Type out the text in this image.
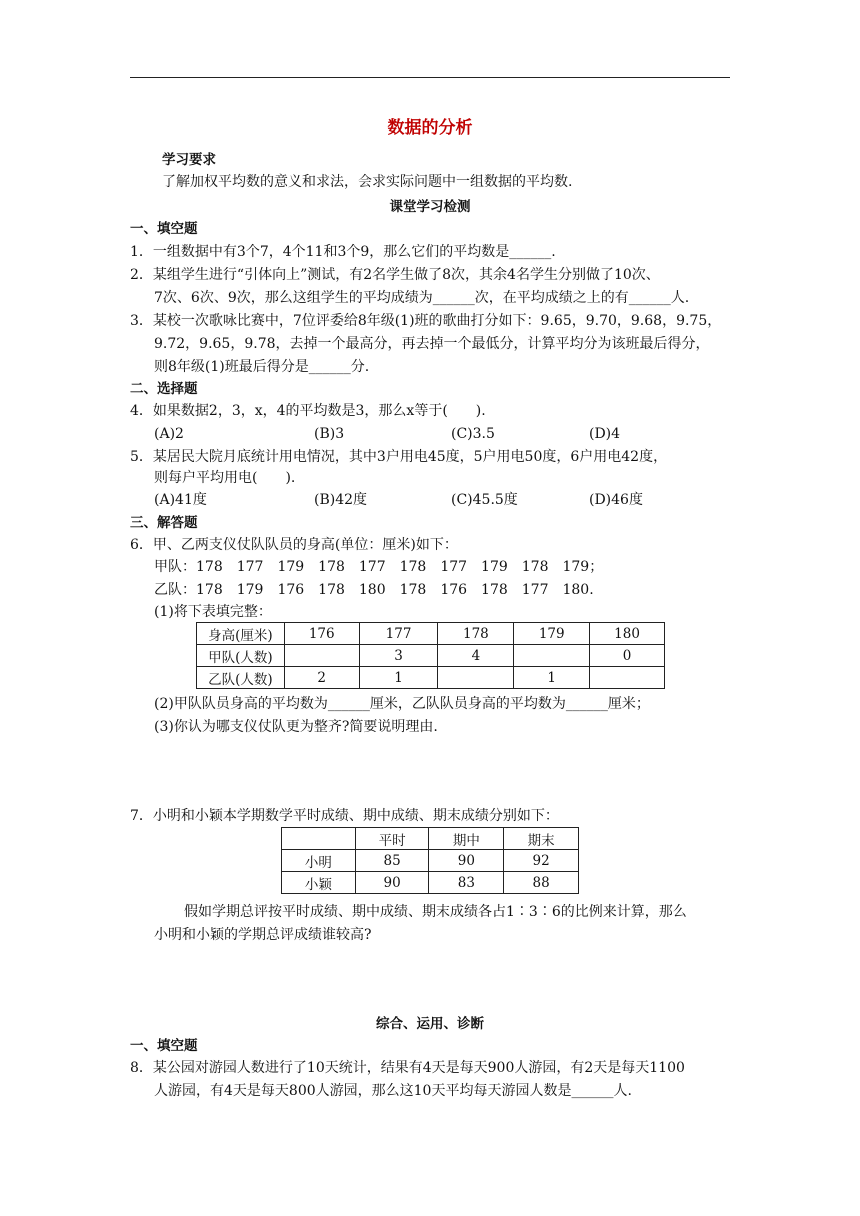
数据的分析
学习要求
了解加权平均数的意义和求法，会求实际问题中一组数据的平均数.
课堂学习检测
一、填空题
1．一组数据中有3个7，4个11和3个9，那么它们的平均数是______.
2．某组学生进行“引体向上”测试，有2名学生做了8次，其余4名学生分别做了10次、
7次、6次、9次，那么这组学生的平均成绩为______次，在平均成绩之上的有______人.
3．某校一次歌咏比赛中，7位评委给8年级(1)班的歌曲打分如下：9.65，9.70，9.68，9.75，
9.72，9.65，9.78，去掉一个最高分，再去掉一个最低分，计算平均分为该班最后得分，
则8年级(1)班最后得分是______分.
二、选择题
4．如果数据2，3，x，4的平均数是3，那么x等于(　　).
(A)2	(B)3	(C)3.5	(D)4
5．某居民大院月底统计用电情况，其中3户用电45度，5户用电50度，6户用电42度，
则每户平均用电(　　).
(A)41度	(B)42度	(C)45.5度	(D)46度
三、解答题
6．甲、乙两支仪仗队队员的身高(单位：厘米)如下：
甲队：178　177　179　178　177　178　177　179　178　179；
乙队：178　179　176　178　180　178　176　178　177　180.
(1)将下表填完整：
身高(厘米)	176	177	178	179	180
甲队(人数)		3	4		0
乙队(人数)	2	1		1	
(2)甲队队员身高的平均数为______厘米，乙队队员身高的平均数为______厘米；
(3)你认为哪支仪仗队更为整齐?简要说明理由.
7．小明和小颖本学期数学平时成绩、期中成绩、期末成绩分别如下：
	平时	期中	期末
小明	85	90	92
小颖	90	83	88
假如学期总评按平时成绩、期中成绩、期末成绩各占1∶3∶6的比例来计算，那么
小明和小颖的学期总评成绩谁较高?
综合、运用、诊断
一、填空题
8．某公园对游园人数进行了10天统计，结果有4天是每天900人游园，有2天是每天1100
人游园，有4天是每天800人游园，那么这10天平均每天游园人数是______人.
